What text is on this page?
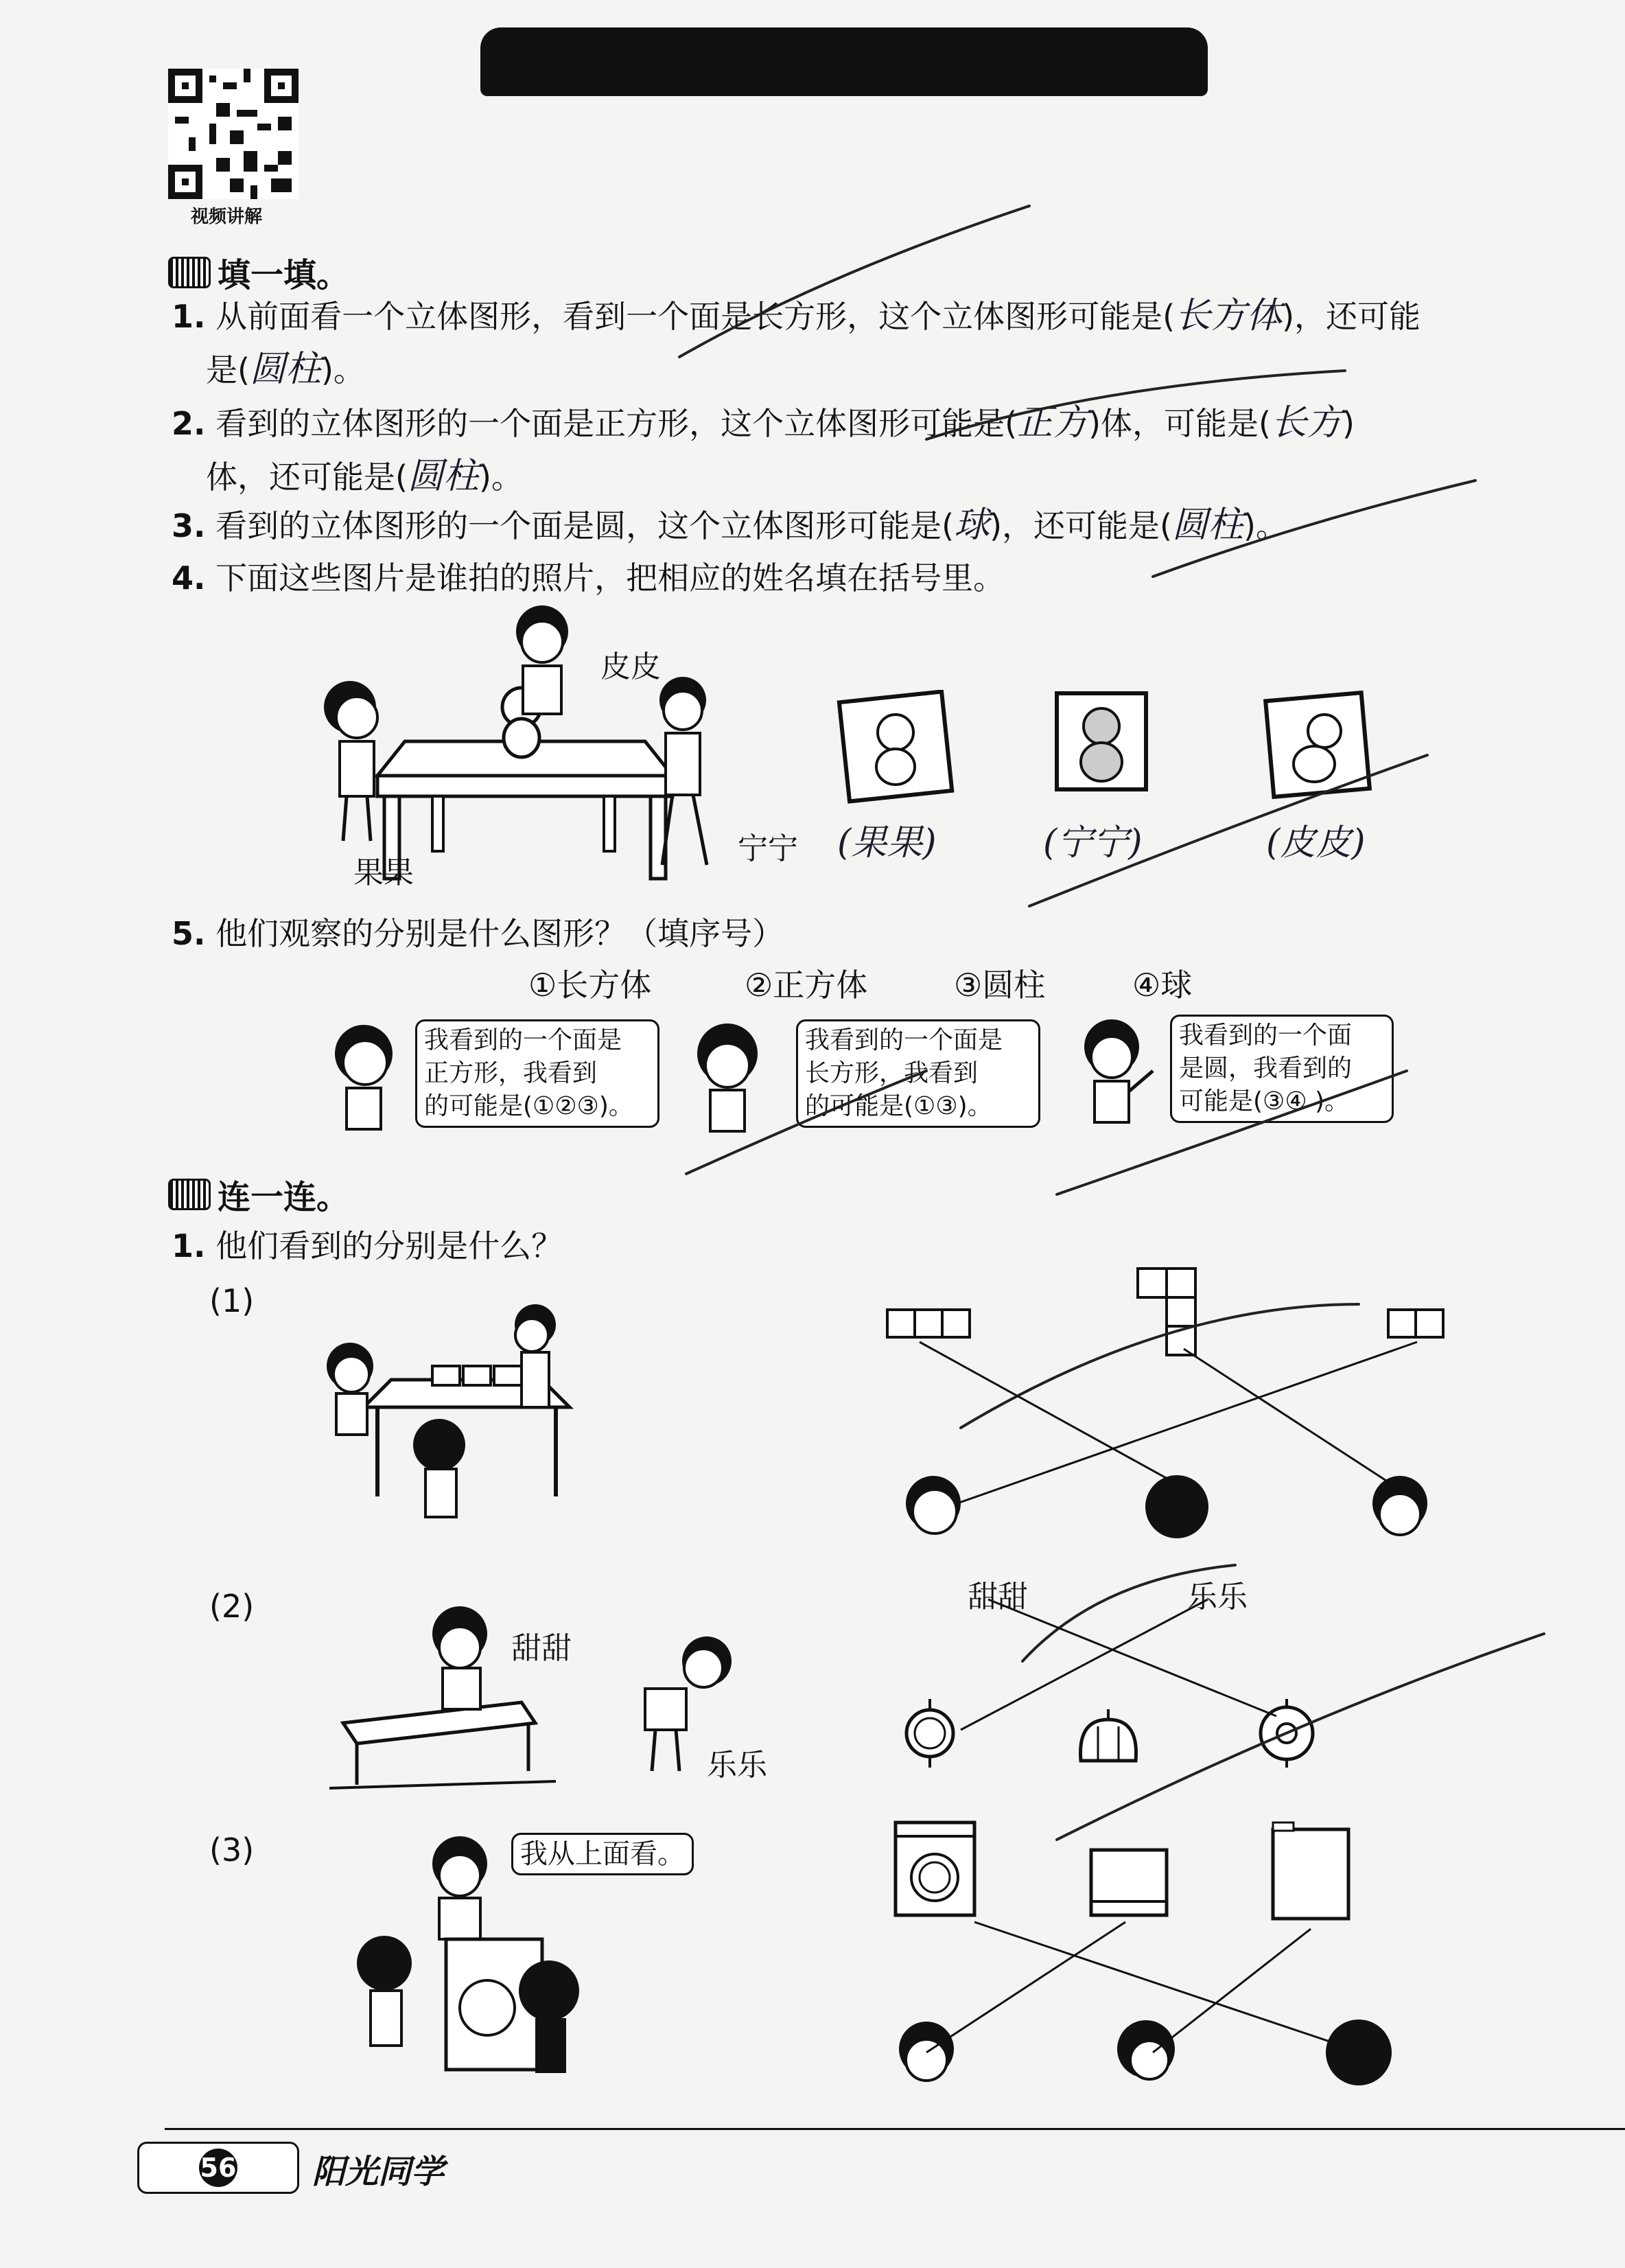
视频讲解
填一填。
1. 从前面看一个立体图形，看到一个面是长方形，这个立体图形可能是(长方体)，还可能
是(圆柱)。
2. 看到的立体图形的一个面是正方形，这个立体图形可能是(正方)体，可能是(长方)
体，还可能是(圆柱)。
3. 看到的立体图形的一个面是圆，这个立体图形可能是(球)，还可能是(圆柱)。
4. 下面这些图片是谁拍的照片，把相应的姓名填在括号里。
皮皮
果果
宁宁 (果果)	(宁宁)	(皮皮)
5. 他们观察的分别是什么图形？（填序号）
①长方体	②正方体	③圆柱	④球
我看到的一个面是
正方形，我看到
的可能是(①②③)。
我看到的一个面是
长方形，我看到
的可能是(①③)。
我看到的一个面
是圆，我看到的
可能是(③④ )。
连一连。
1. 他们看到的分别是什么？
(1)
(2)
(3)
甜甜
乐乐
甜甜	乐乐
我从上面看。
56 阳光同学
